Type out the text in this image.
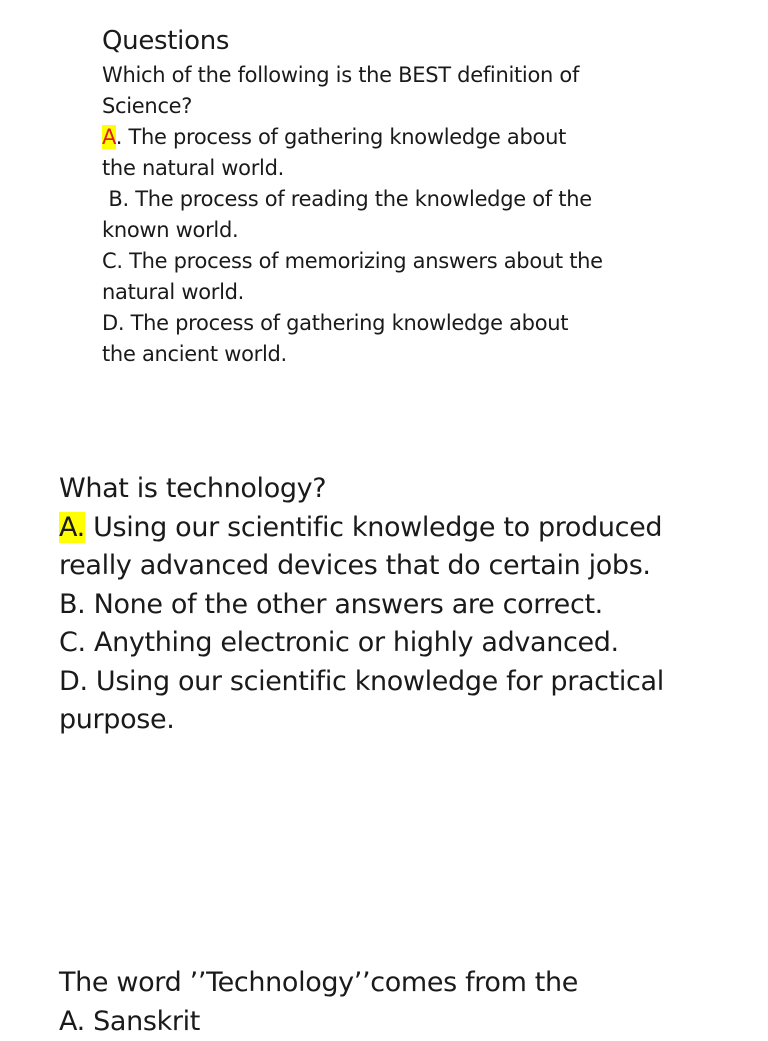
Questions
Which of the following is the BEST definition of
Science?
A. The process of gathering knowledge about
the natural world.
B. The process of reading the knowledge of the
known world.
C. The process of memorizing answers about the
natural world.
D. The process of gathering knowledge about
the ancient world.
What is technology?
A. Using our scientific knowledge to produced
really advanced devices that do certain jobs.
B. None of the other answers are correct.
C. Anything electronic or highly advanced.
D. Using our scientific knowledge for practical
purpose.
The word ’’Technology’’comes from the
A. Sanskrit
